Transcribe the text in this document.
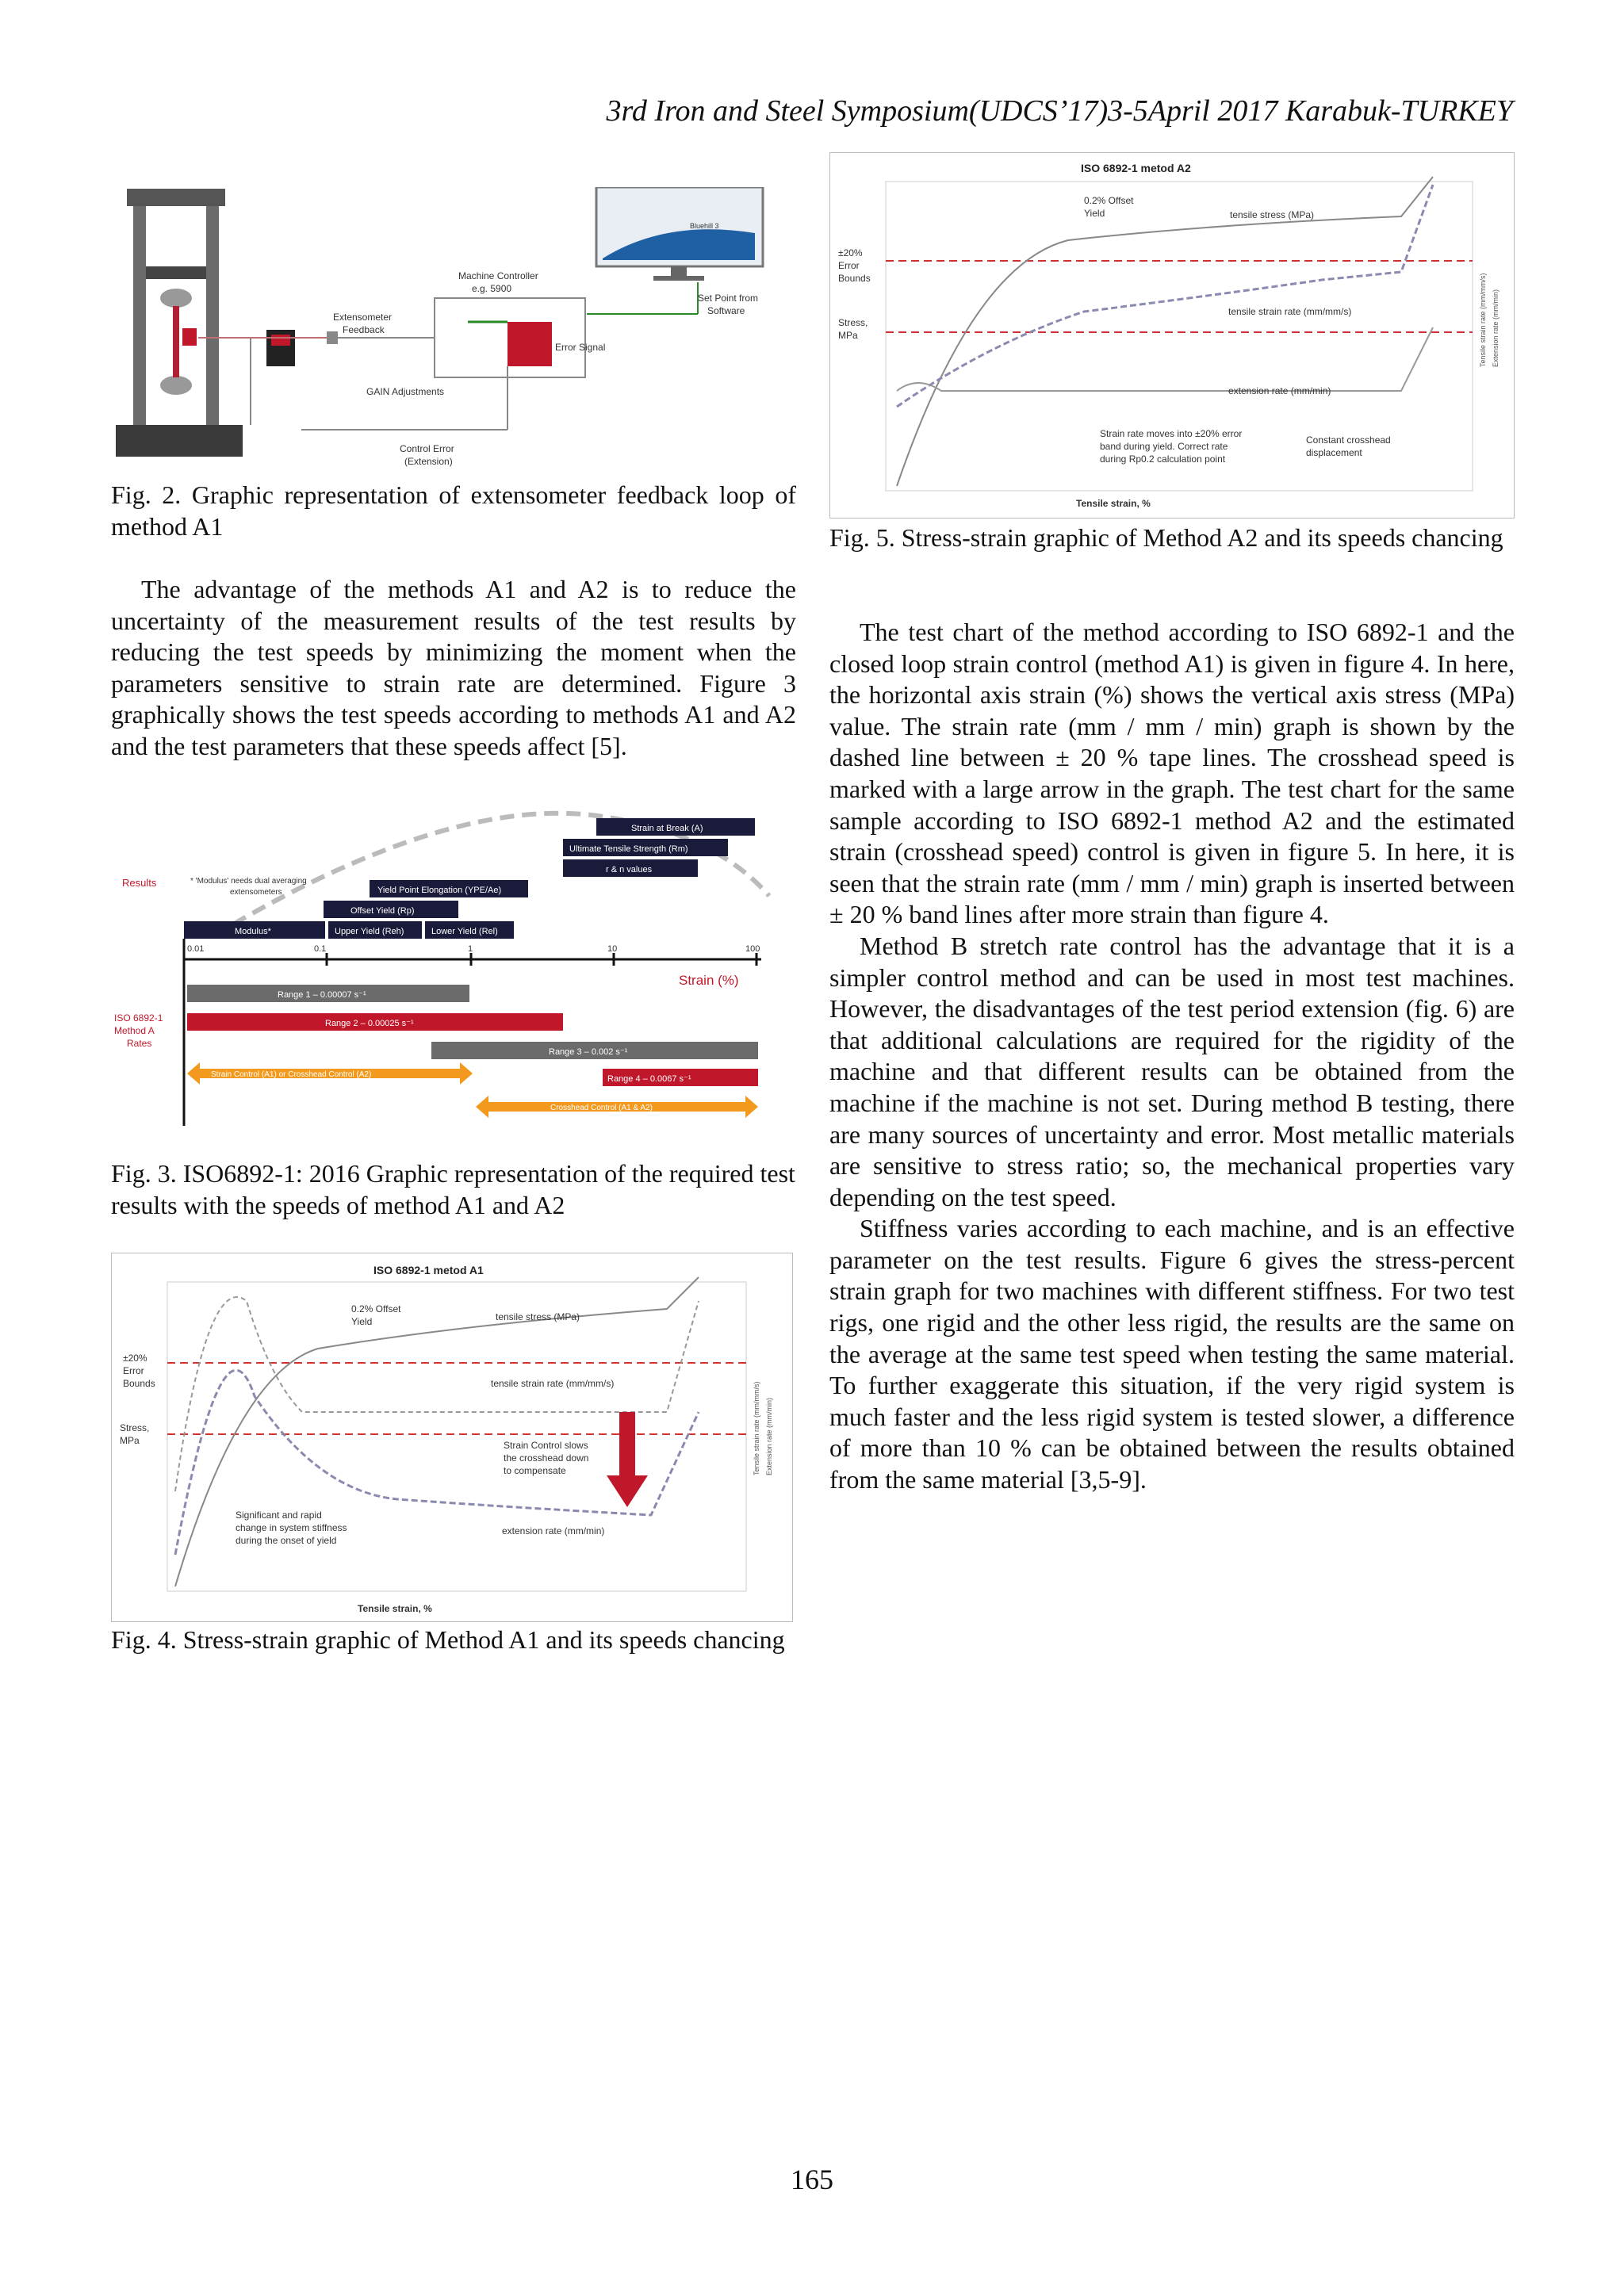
3rd Iron and Steel Symposium(UDCS’17)3-5April 2017 Karabuk-TURKEY
Bluehill 3
Machine Controller
e.g. 5900
Set Point from
Software
Extensometer
Feedback
Error Signal
GAIN Adjustments
Control Error
(Extension)
Fig. 2. Graphic representation of extensometer feedback loop of method A1

The advantage of the methods A1 and A2 is to reduce the uncertainty of the measurement results of the test results by reducing the test speeds by minimizing the moment when the parameters sensitive to strain rate are determined. Figure 3 graphically shows the test speeds according to methods A1 and A2 and the test parameters that these speeds affect [5].

Results	* 'Modulus' needs dual averaging
extensometers
Strain at Break (A)
Ultimate Tensile Strength (Rm)
r & n values
Yield Point Elongation (YPE/Ae)
Offset Yield (Rp)
Modulus*	Upper Yield (Reh)	Lower Yield (Rel)
0.01	0.1	1	10	100
Strain (%)
ISO 6892-1
Method A
Rates
Range 1 – 0.00007 s⁻¹
Range 2 – 0.00025 s⁻¹
Range 3 – 0.002 s⁻¹
Range 4 – 0.0067 s⁻¹
Strain Control (A1) or Crosshead Control (A2)
Crosshead Control (A1 & A2)
Fig. 3. ISO6892-1: 2016 Graphic representation of the required test results with the speeds of method A1 and A2
ISO 6892-1 metod A1
0.2% Offset
Yield	tensile stress (MPa)
±20%
Error
Bounds	tensile strain rate (mm/mm/s)
Stress,
MPa	Strain Control slows
the crosshead down
to compensate
Significant and rapid
change in system stiffness
during the onset of yield
extension rate (mm/min)
Tensile strain, %
Tensile strain rate (mm/mm/s) Extension rate (mm/min)
Fig. 4. Stress-strain graphic of Method A1 and its speeds chancing
ISO 6892-1 metod A2
0.2% Offset
Yield	tensile stress (MPa)
±20%
Error
Bounds
Stress,
MPa
tensile strain rate (mm/mm/s)
extension rate (mm/min)
Strain rate moves into ±20% error
band during yield. Correct rate
during Rp0.2 calculation point
Constant crosshead
displacement
Tensile strain, %
Tensile strain rate (mm/mm/s) Extension rate (mm/min)
Fig. 5. Stress-strain graphic of Method A2 and its speeds chancing

The test chart of the method according to ISO 6892-1 and the closed loop strain control (method A1) is given in figure 4. In here, the horizontal axis strain (%) shows the vertical axis stress (MPa) value. The strain rate (mm / mm / min) graph is shown by the dashed line between ± 20 % tape lines. The crosshead speed is marked with a large arrow in the graph. The test chart for the same sample according to ISO 6892-1 method A2 and the estimated strain (crosshead speed) control is given in figure 5. In here, it is seen that the strain rate (mm / mm / min) graph is inserted between ± 20 % band lines after more strain than figure 4.

Method B stretch rate control has the advantage that it is a simpler control method and can be used in most test machines. However, the disadvantages of the test period extension (fig. 6) are that additional calculations are required for the rigidity of the machine and that different results can be obtained from the machine if the machine is not set. During method B testing, there are many sources of uncertainty and error. Most metallic materials are sensitive to stress ratio; so, the mechanical properties vary depending on the test speed.

Stiffness varies according to each machine, and is an effective parameter on the test results. Figure 6 gives the stress-percent strain graph for two machines with different stiffness. For two test rigs, one rigid and the other less rigid, the results are the same on the average at the same test speed when testing the same material. To further exaggerate this situation, if the very rigid system is much faster and the less rigid system is tested slower, a difference of more than 10 % can be obtained between the results obtained from the same material [3,5-9].

165
